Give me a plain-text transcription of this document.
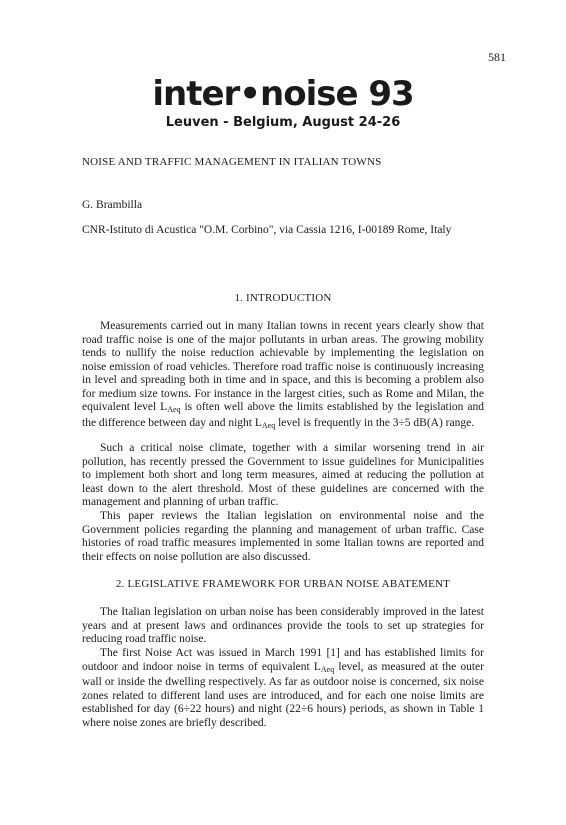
581
inter•noise 93
Leuven - Belgium, August 24-26
NOISE AND TRAFFIC MANAGEMENT IN ITALIAN TOWNS
G. Brambilla
CNR-Istituto di Acustica "O.M. Corbino", via Cassia 1216, I-00189 Rome, Italy
1. INTRODUCTION

Measurements carried out in many Italian towns in recent years clearly show that road traffic noise is one of the major pollutants in urban areas. The growing mobility tends to nullify the noise reduction achievable by implementing the legislation on noise emission of road vehicles. Therefore road traffic noise is continuously increasing in level and spreading both in time and in space, and this is becoming a problem also for medium size towns. For instance in the largest cities, such as Rome and Milan, the equivalent level $L_{Aeq}$ is often well above the limits established by the legislation and the difference between day and night $L_{Aeq}$ level is frequently in the 3÷5 dB(A) range.

Such a critical noise climate, together with a similar worsening trend in air pollution, has recently pressed the Government to issue guidelines for Municipalities to implement both short and long term measures, aimed at reducing the pollution at least down to the alert threshold. Most of these guidelines are concerned with the management and planning of urban traffic.

This paper reviews the Italian legislation on environmental noise and the Government policies regarding the planning and management of urban traffic. Case histories of road traffic measures implemented in some Italian towns are reported and their effects on noise pollution are also discussed.

2. LEGISLATIVE FRAMEWORK FOR URBAN NOISE ABATEMENT

The Italian legislation on urban noise has been considerably improved in the latest years and at present laws and ordinances provide the tools to set up strategies for reducing road traffic noise.

The first Noise Act was issued in March 1991 [1] and has established limits for outdoor and indoor noise in terms of equivalent $L_{Aeq}$ level, as measured at the outer wall or inside the dwelling respectively. As far as outdoor noise is concerned, six noise zones related to different land uses are introduced, and for each one noise limits are established for day (6÷22 hours) and night (22÷6 hours) periods, as shown in Table 1 where noise zones are briefly described.
